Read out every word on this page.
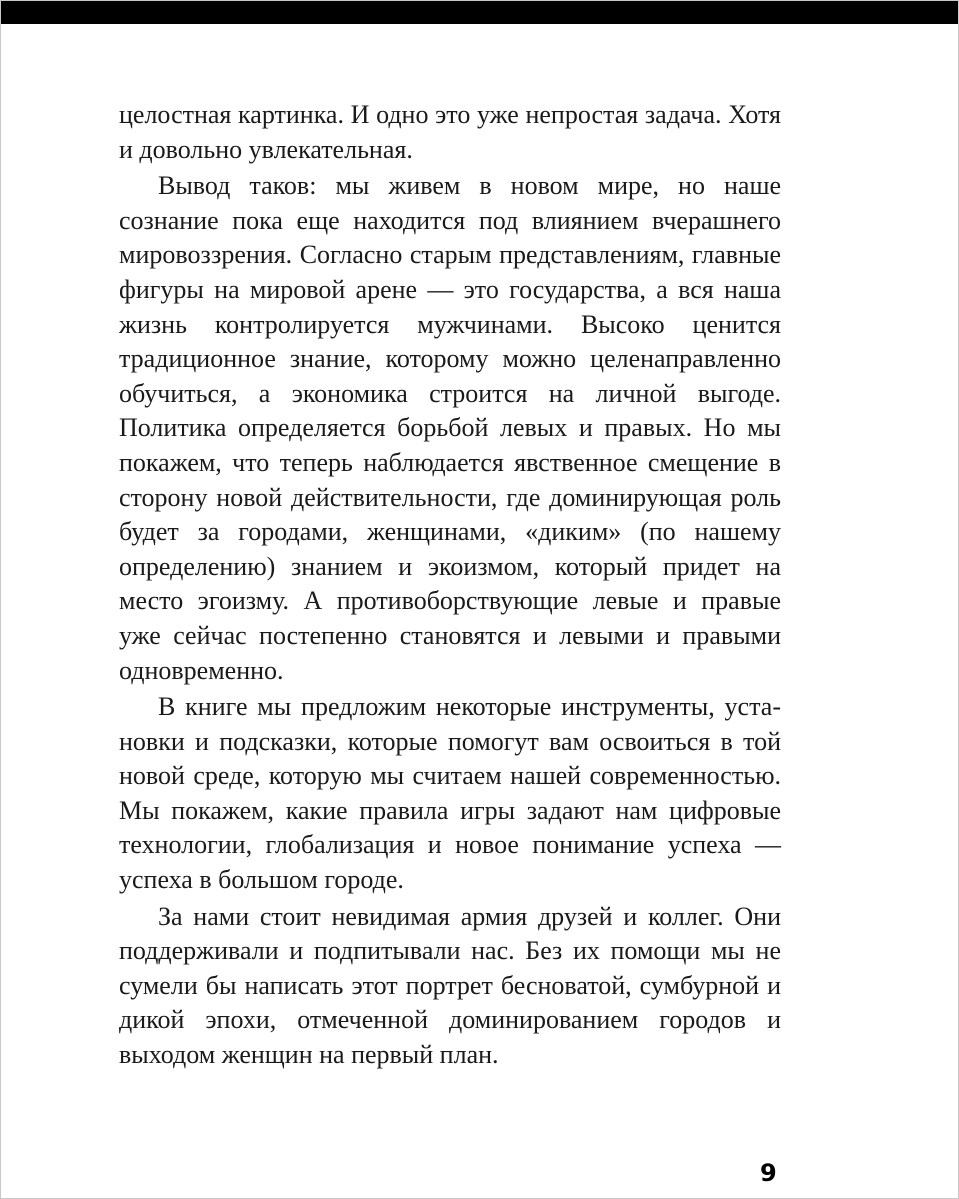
целостная картинка. И одно это уже непростая задача. Хотя и довольно увлекательная.

Вывод таков: мы живем в новом мире, но наше сознание пока еще находится под влиянием вчерашнего мировоззрения. Согласно старым представлениям, главные фигуры на мировой арене — это государства, а вся наша жизнь контролируется мужчинами. Высоко ценится традиционное знание, которому можно целенаправленно обучиться, а экономика строится на личной выгоде. Политика определяется борьбой левых и правых. Но мы покажем, что теперь наблюдается явственное смещение в сторону новой действительности, где доминирующая роль будет за городами, женщинами, «диким» (по нашему определению) знанием и экоизмом, который придет на место эгоизму. А противоборствующие левые и правые уже сейчас постепенно становятся и левыми и правыми одновременно.

В книге мы предложим некоторые инструменты, установки и подсказки, которые помогут вам освоиться в той новой среде, которую мы считаем нашей современностью. Мы покажем, какие правила игры задают нам цифровые технологии, глобализация и новое понимание успеха — успеха в большом городе.

За нами стоит невидимая армия друзей и коллег. Они поддерживали и подпитывали нас. Без их помощи мы не сумели бы написать этот портрет бесноватой, сумбурной и дикой эпохи, отмеченной доминированием городов и выходом женщин на первый план.

9
